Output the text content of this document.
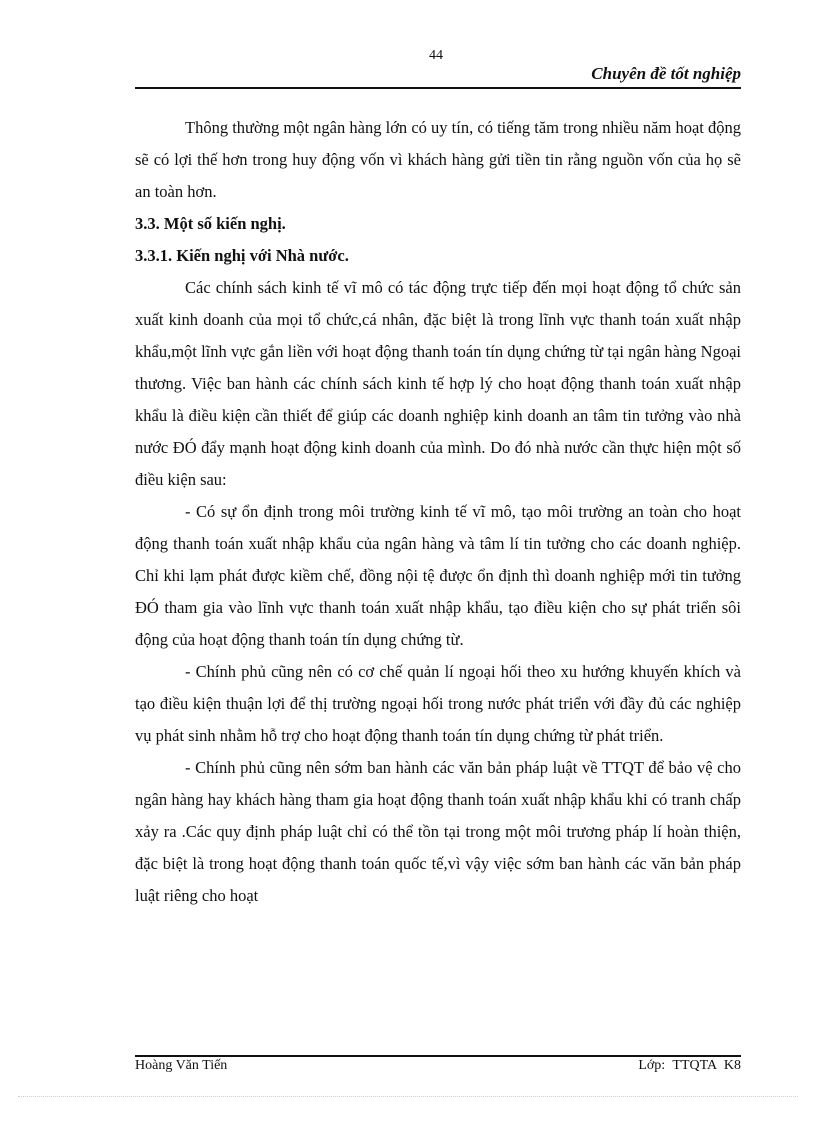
44
Chuyên đề tốt nghiệp

Thông thường một ngân hàng lớn có uy tín, có tiếng tăm trong nhiều năm hoạt động sẽ có lợi thế hơn trong huy động vốn vì khách hàng gửi tiền tin rằng nguồn vốn của họ sẽ an toàn hơn.

3.3. Một số kiến nghị.
3.3.1. Kiến nghị với Nhà nước.

Các chính sách kinh tế vĩ mô có tác động trực tiếp đến mọi hoạt động tổ chức sản xuất kinh doanh của mọi tổ chức,cá nhân, đặc biệt là trong lĩnh vực thanh toán xuất nhập khẩu,một lĩnh vực gắn liền với hoạt động thanh toán tín dụng chứng từ tại ngân hàng Ngoại thương. Việc ban hành các chính sách kinh tế hợp lý cho hoạt động thanh toán xuất nhập khẩu là điều kiện cần thiết để giúp các doanh nghiệp kinh doanh an tâm tin tưởng vào nhà nước ĐÓ đẩy mạnh hoạt động kinh doanh của mình. Do đó nhà nước cần thực hiện một số điều kiện sau:

- Có sự ổn định trong môi trường kinh tế vĩ mô, tạo môi trường an toàn cho hoạt động thanh toán xuất nhập khẩu của ngân hàng và tâm lí tin tưởng cho các doanh nghiệp. Chỉ khi lạm phát được kiềm chế, đồng nội tệ được ổn định thì doanh nghiệp mới tin tưởng ĐÓ tham gia vào lĩnh vực thanh toán xuất nhập khẩu, tạo điều kiện cho sự phát triển sôi động của hoạt động thanh toán tín dụng chứng từ.

- Chính phủ cũng nên có cơ chế quản lí ngoại hối theo xu hướng khuyến khích và tạo điều kiện thuận lợi để thị trường ngoại hối trong nước phát triển với đầy đủ các nghiệp vụ phát sinh nhằm hỗ trợ cho hoạt động thanh toán tín dụng chứng từ phát triển.

- Chính phủ cũng nên sớm ban hành các văn bản pháp luật về TTQT để bảo vệ cho ngân hàng hay khách hàng tham gia hoạt động thanh toán xuất nhập khẩu khi có tranh chấp xảy ra .Các quy định pháp luật chỉ có thể tồn tại trong một môi trương pháp lí hoàn thiện, đặc biệt là trong hoạt động thanh toán quốc tế,vì vậy việc sớm ban hành các văn bản pháp luật riêng cho hoạt

Hoàng Văn Tiến	Lớp: TTQTA K8
